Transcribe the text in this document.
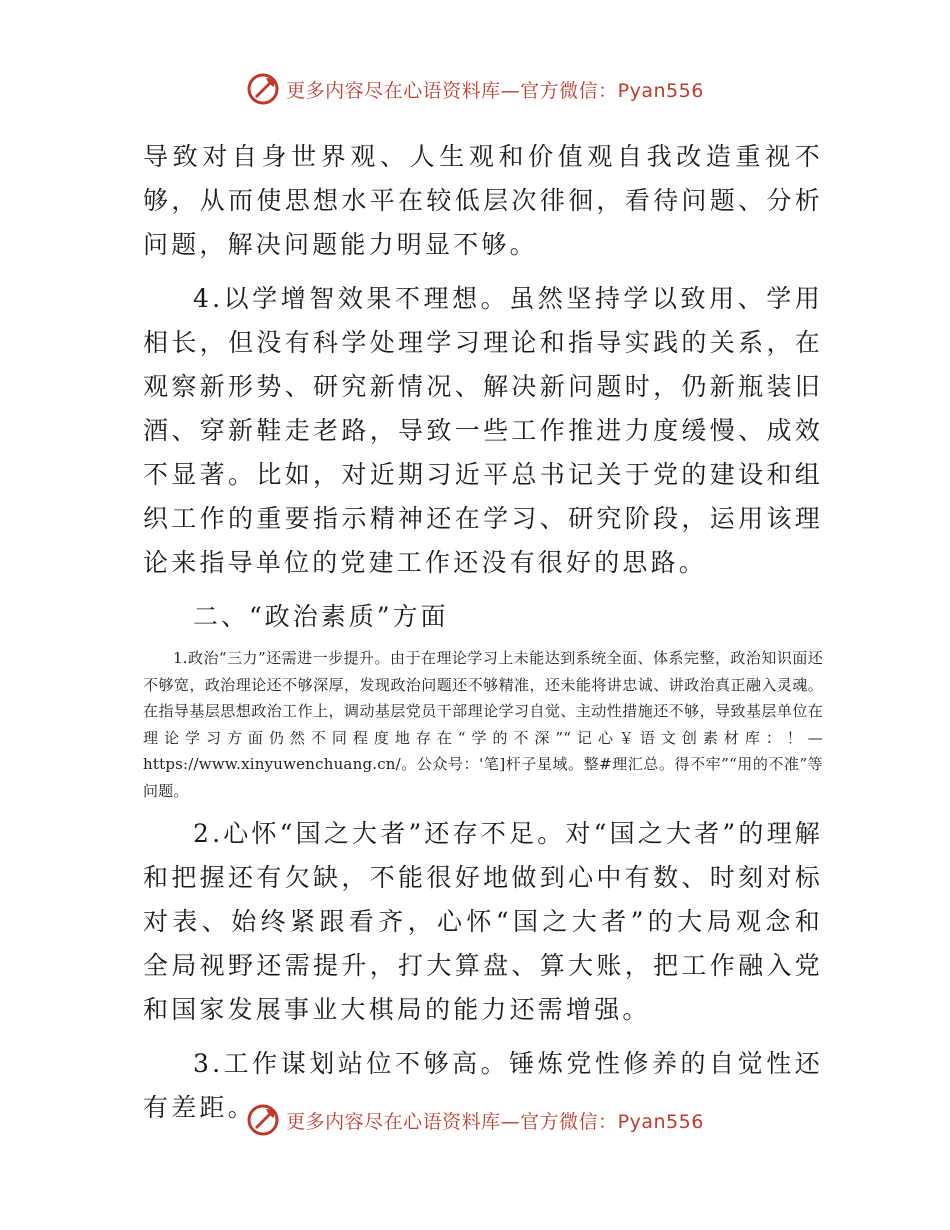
更多内容尽在心语资料库—官方微信：Pyan556

导致对自身世界观、人生观和价值观自我改造重视不够，从而使思想水平在较低层次徘徊，看待问题、分析问题，解决问题能力明显不够。

4.以学增智效果不理想。虽然坚持学以致用、学用相长，但没有科学处理学习理论和指导实践的关系，在观察新形势、研究新情况、解决新问题时，仍新瓶装旧酒、穿新鞋走老路，导致一些工作推进力度缓慢、成效不显著。比如，对近期习近平总书记关于党的建设和组织工作的重要指示精神还在学习、研究阶段，运用该理论来指导单位的党建工作还没有很好的思路。

二、“政治素质”方面

1.政治“三力”还需进一步提升。由于在理论学习上未能达到系统全面、体系完整，政治知识面还不够宽，政治理论还不够深厚，发现政治问题还不够精准，还未能将讲忠诚、讲政治真正融入灵魂。在指导基层思想政治工作上，调动基层党员干部理论学习自觉、主动性措施还不够，导致基层单位在理论学习方面仍然不同程度地存在“学的不深”“记心￥语文创素材库：！—https://www.xinyuwenchuang.cn/。公众号：'笔]杆子星域。整#理汇总。得不牢”“用的不准”等问题。

2.心怀“国之大者”还存不足。对“国之大者”的理解和把握还有欠缺，不能很好地做到心中有数、时刻对标对表、始终紧跟看齐，心怀“国之大者”的大局观念和全局视野还需提升，打大算盘、算大账，把工作融入党和国家发展事业大棋局的能力还需增强。

3.工作谋划站位不够高。锤炼党性修养的自觉性还有差距。	更多内容尽在心语资料库—官方微信：Pyan556
